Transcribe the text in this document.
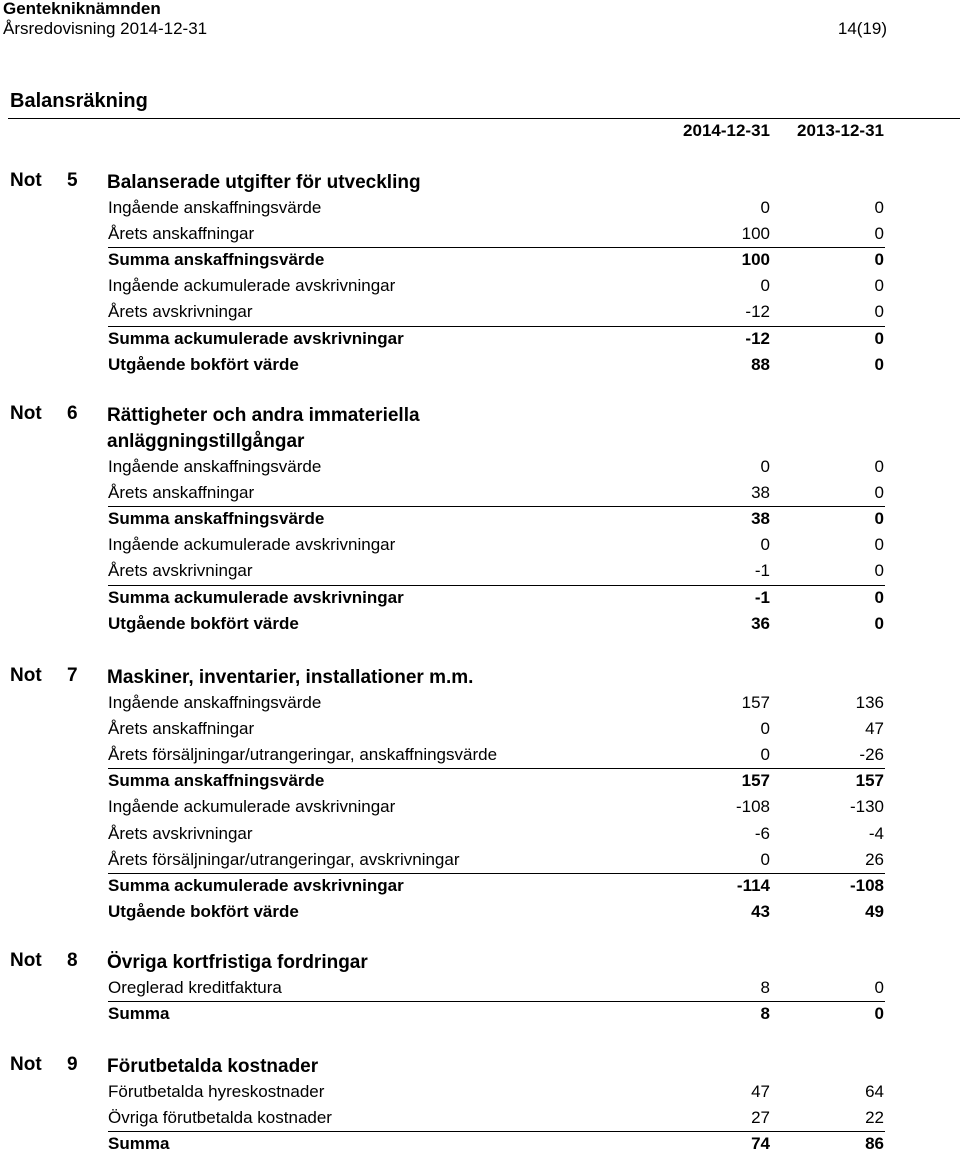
Gentekniknämnden
Årsredovisning 2014-12-31	14(19)
Balansräkning
2014-12-31	2013-12-31
Not 5 Balanserade utgifter för utveckling
Ingående anskaffningsvärde	0	0
Årets anskaffningar	100	0
Summa anskaffningsvärde	100	0
Ingående ackumulerade avskrivningar	0	0
Årets avskrivningar	-12	0
Summa ackumulerade avskrivningar	-12	0
Utgående bokfört värde	88	0
Not 6 Rättigheter och andra immateriella anläggningstillgångar
Ingående anskaffningsvärde	0	0
Årets anskaffningar	38	0
Summa anskaffningsvärde	38	0
Ingående ackumulerade avskrivningar	0	0
Årets avskrivningar	-1	0
Summa ackumulerade avskrivningar	-1	0
Utgående bokfört värde	36	0
Not 7 Maskiner, inventarier, installationer m.m.
Ingående anskaffningsvärde	157	136
Årets anskaffningar	0	47
Årets försäljningar/utrangeringar, anskaffningsvärde	0	-26
Summa anskaffningsvärde	157	157
Ingående ackumulerade avskrivningar	-108	-130
Årets avskrivningar	-6	-4
Årets försäljningar/utrangeringar, avskrivningar	0	26
Summa ackumulerade avskrivningar	-114	-108
Utgående bokfört värde	43	49
Not 8 Övriga kortfristiga fordringar
Oreglerad kreditfaktura	8	0
Summa	8	0
Not 9 Förutbetalda kostnader
Förutbetalda hyreskostnader	47	64
Övriga förutbetalda kostnader	27	22
Summa	74	86
